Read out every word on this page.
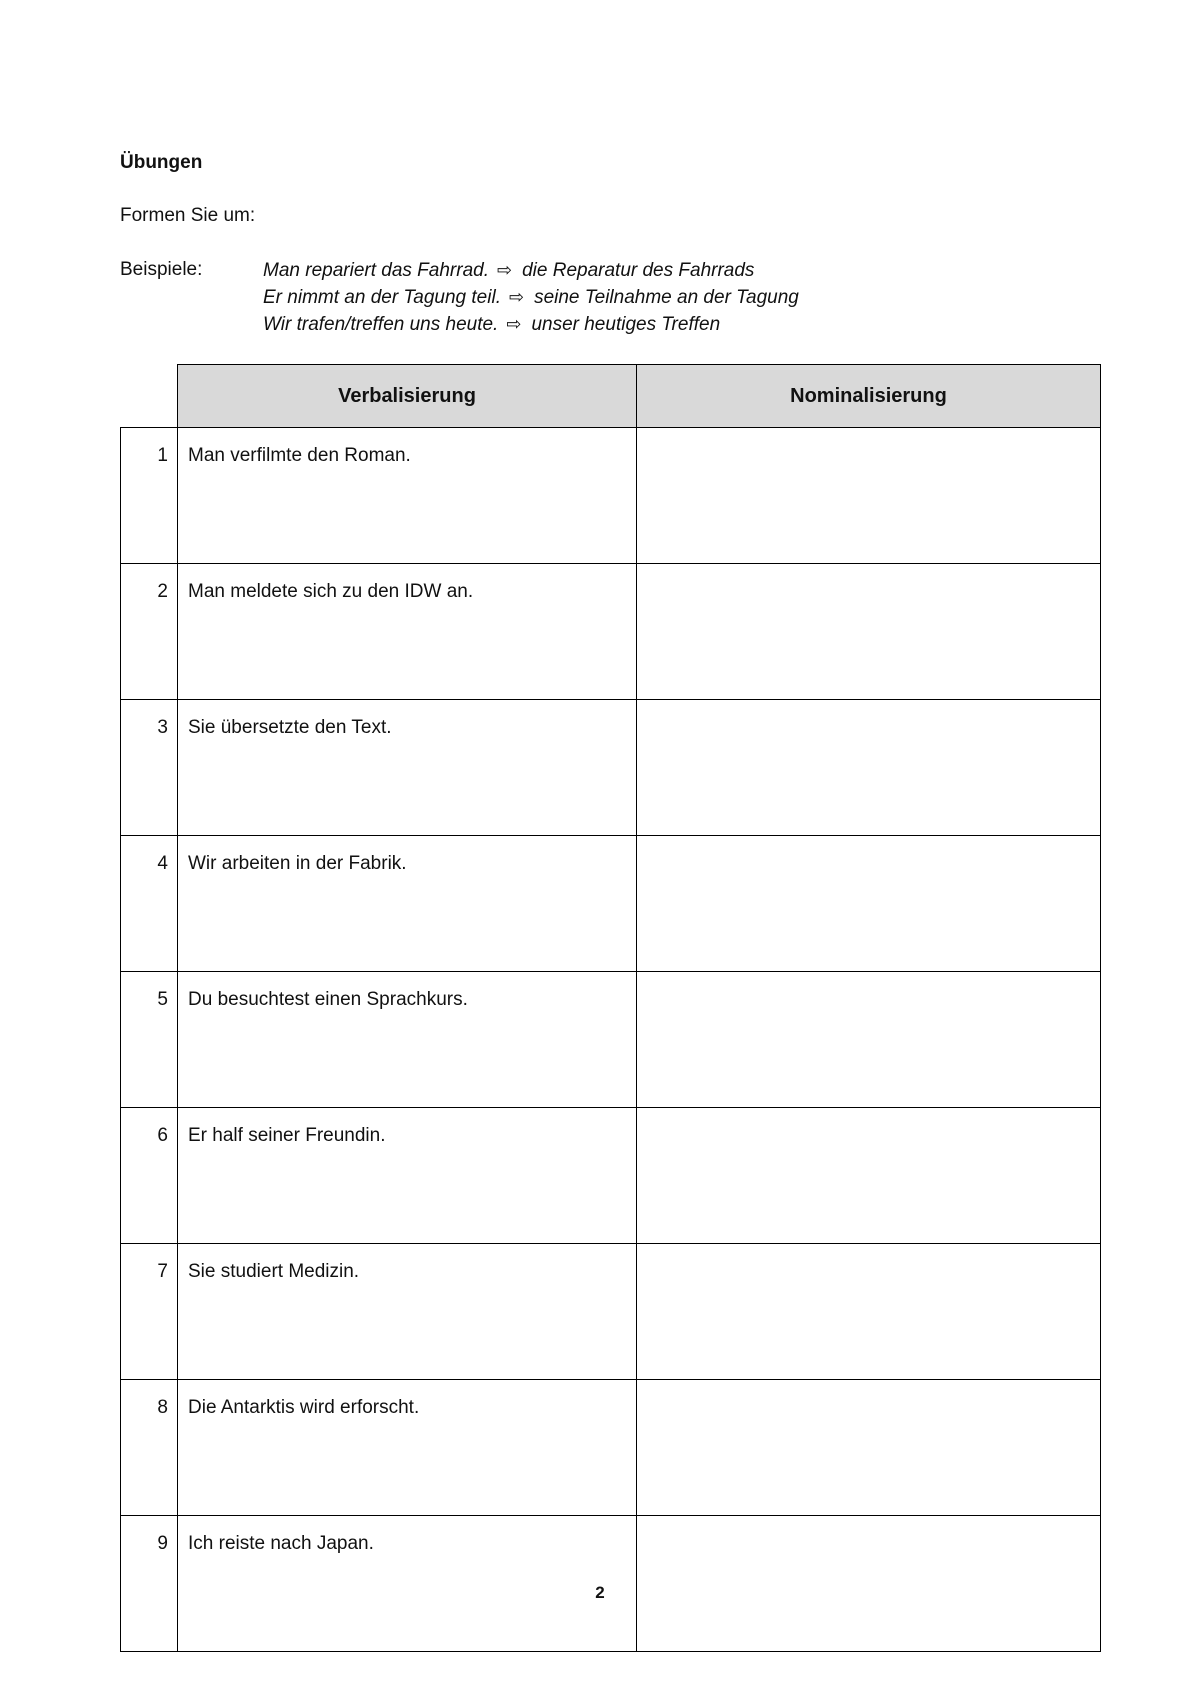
Übungen
Formen Sie um:
Beispiele:	Man repariert das Fahrrad. ⇨ die Reparatur des Fahrrads
Er nimmt an der Tagung teil. ⇨ seine Teilnahme an der Tagung
Wir trafen/treffen uns heute. ⇨ unser heutiges Treffen
	Verbalisierung	Nominalisierung
1	Man verfilmte den Roman.	
2	Man meldete sich zu den IDW an.	
3	Sie übersetzte den Text.	
4	Wir arbeiten in der Fabrik.	
5	Du besuchtest einen Sprachkurs.	
6	Er half seiner Freundin.	
7	Sie studiert Medizin.	
8	Die Antarktis wird erforscht.	
9	Ich reiste nach Japan.	
2
